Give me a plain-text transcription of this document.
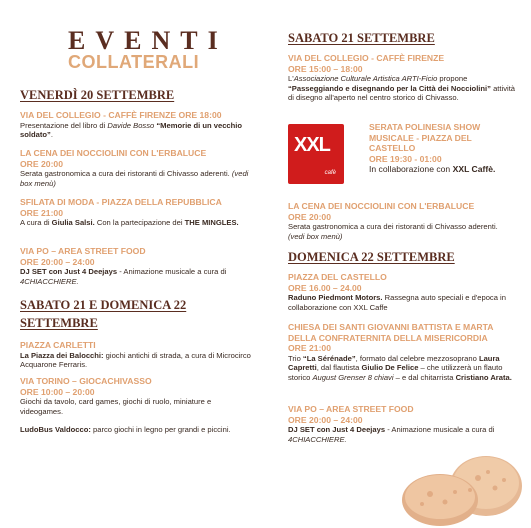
EVENTI
COLLATERALI

VENERDÌ 20 SETTEMBRE

VIA DEL COLLEGIO - CAFFÈ FIRENZE ORE 18:00

Presentazione del libro di Davide Bosso “Memorie di un vecchio soldato”.

LA CENA DEI NOCCIOLINI CON L'ERBALUCE

ORE 20:00

Serata gastronomica a cura dei ristoranti di Chivasso aderenti. (vedi box menù)

SFILATA DI MODA - PIAZZA DELLA REPUBBLICA

ORE 21:00

A cura di Giulia Salsi. Con la partecipazione dei THE MINGLES.

VIA PO – AREA STREET FOOD

ORE 20:00 – 24:00

DJ SET con Just 4 Deejays - Animazione musicale a cura di 4CHIACCHIERE.

SABATO 21 E DOMENICA 22

SETTEMBRE

PIAZZA CARLETTI

La Piazza dei Balocchi: giochi antichi di strada, a cura di Microcirco Acquarone Ferraris.

VIA TORINO – GIOCACHIVASSO

ORE 10:00 – 20:00

Giochi da tavolo, card games, giochi di ruolo, miniature e videogames.

LudoBus Valdocco: parco giochi in legno per grandi e piccini.

SABATO 21 SETTEMBRE

VIA DEL COLLEGIO - CAFFÈ FIRENZE

ORE 15:00 – 18:00

L'Associazione Culturale Artistica ARTI-Ficio propone “Passeggiando e disegnando per la Città dei Nocciolini” attività di disegno all'aperto nel centro storico di Chivasso.

XXL
cafè

SERATA POLINESIA SHOW MUSICALE - PIAZZA DEL CASTELLO

ORE 19:30 - 01:00

In collaborazione con XXL Caffè.

LA CENA DEI NOCCIOLINI CON L'ERBALUCE

ORE 20:00

Serata gastronomica a cura dei ristoranti di Chivasso aderenti. (vedi box menù)

DOMENICA 22 SETTEMBRE

PIAZZA DEL CASTELLO

ORE 16.00 – 24.00

Raduno Piedmont Motors. Rassegna auto speciali e d'epoca in collaborazione con XXL Caffe

CHIESA DEI SANTI GIOVANNI BATTISTA E MARTA DELLA CONFRATERNITA DELLA MISERICORDIA

ORE 21:00

Trio “La Sérénade”, formato dal celebre mezzosoprano Laura Capretti, dal flautista Giulio De Felice – che utilizzerà un flauto storico August Grenser 8 chiavi – e dal chitarrista Cristiano Arata.

VIA PO – AREA STREET FOOD

ORE 20:00 – 24:00

DJ SET con Just 4 Deejays - Animazione musicale a cura di 4CHIACCHIERE.
